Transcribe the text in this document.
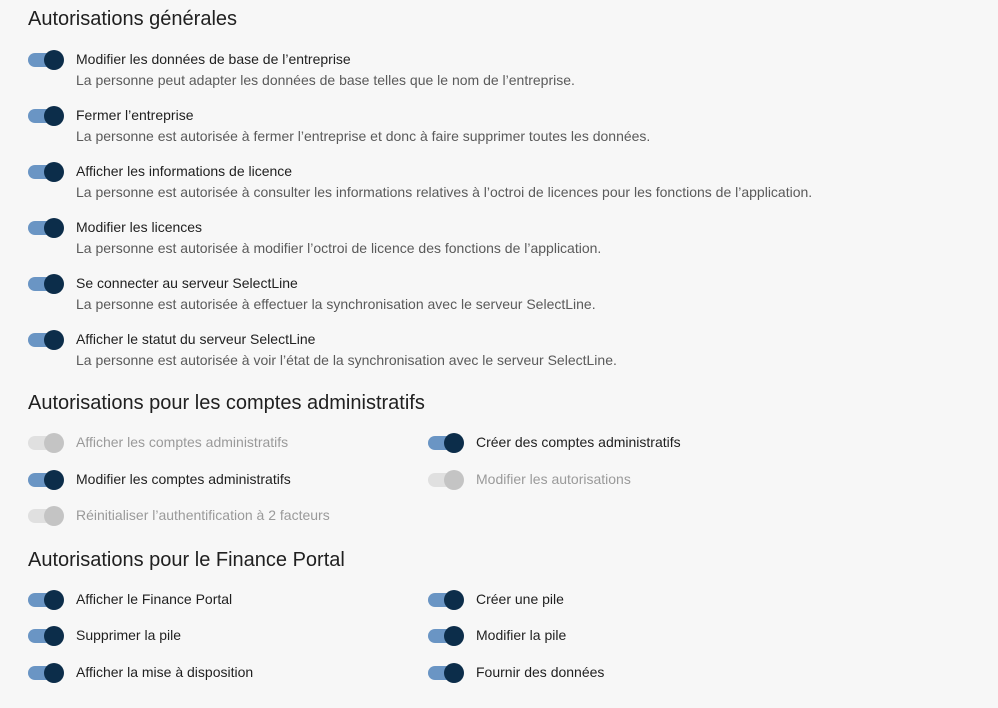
Autorisations générales
Modifier les données de base de l’entreprise
La personne peut adapter les données de base telles que le nom de l’entreprise.
Fermer l’entreprise
La personne est autorisée à fermer l’entreprise et donc à faire supprimer toutes les données.
Afficher les informations de licence
La personne est autorisée à consulter les informations relatives à l’octroi de licences pour les fonctions de l’application.
Modifier les licences
La personne est autorisée à modifier l’octroi de licence des fonctions de l’application.
Se connecter au serveur SelectLine
La personne est autorisée à effectuer la synchronisation avec le serveur SelectLine.
Afficher le statut du serveur SelectLine
La personne est autorisée à voir l’état de la synchronisation avec le serveur SelectLine.
Autorisations pour les comptes administratifs
Afficher les comptes administratifs	Créer des comptes administratifs
Modifier les comptes administratifs	Modifier les autorisations
Réinitialiser l’authentification à 2 facteurs
Autorisations pour le Finance Portal
Afficher le Finance Portal	Créer une pile
Supprimer la pile	Modifier la pile
Afficher la mise à disposition	Fournir des données
